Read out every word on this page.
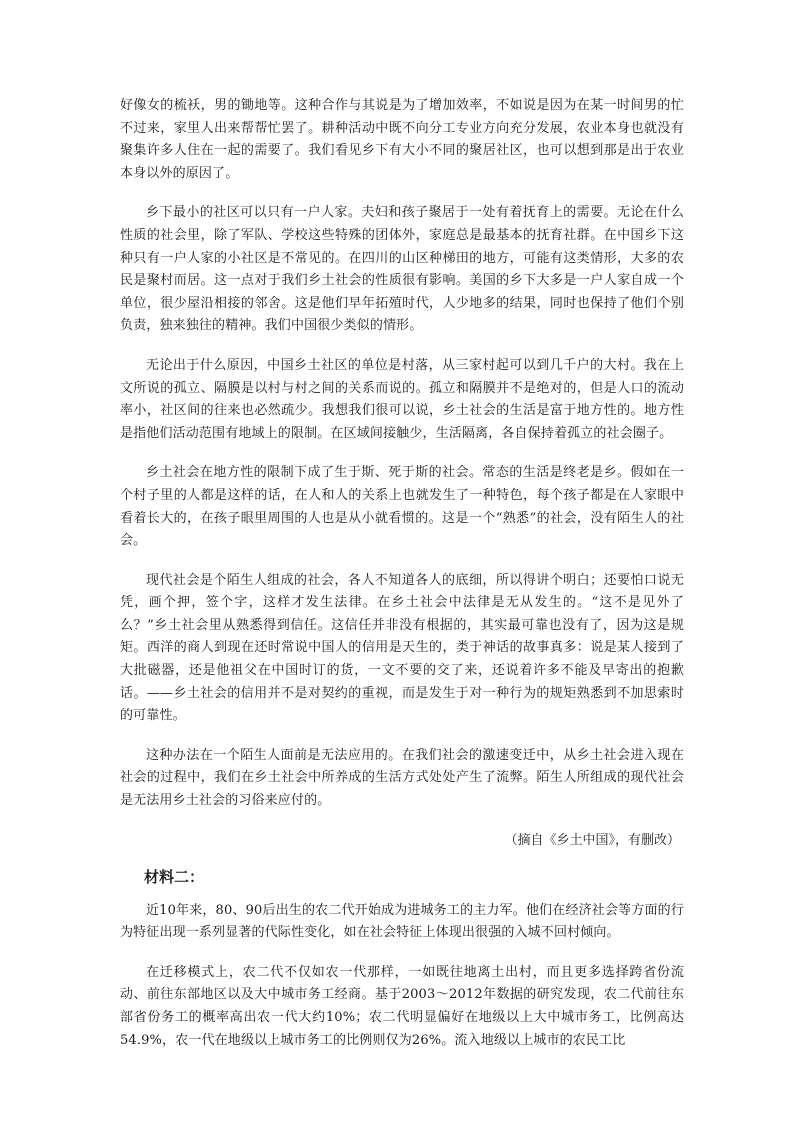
好像女的梳袄，男的锄地等。这种合作与其说是为了增加效率，不如说是因为在某一时间男的忙不过来，家里人出来帮帮忙罢了。耕种活动中既不向分工专业方向充分发展，农业本身也就没有聚集许多人住在一起的需要了。我们看见乡下有大小不同的聚居社区，也可以想到那是出于农业本身以外的原因了。

乡下最小的社区可以只有一户人家。夫妇和孩子聚居于一处有着抚育上的需要。无论在什么性质的社会里，除了军队、学校这些特殊的团体外，家庭总是最基本的抚育社群。在中国乡下这种只有一户人家的小社区是不常见的。在四川的山区种梯田的地方，可能有这类情形，大多的农民是聚村而居。这一点对于我们乡土社会的性质很有影响。美国的乡下大多是一户人家自成一个单位，很少屋沿相接的邻舍。这是他们早年拓殖时代，人少地多的结果，同时也保持了他们个别负责，独来独往的精神。我们中国很少类似的情形。

无论出于什么原因，中国乡土社区的单位是村落，从三家村起可以到几千户的大村。我在上文所说的孤立、隔膜是以村与村之间的关系而说的。孤立和隔膜并不是绝对的，但是人口的流动率小，社区间的往来也必然疏少。我想我们很可以说，乡土社会的生活是富于地方性的。地方性是指他们活动范围有地域上的限制。在区域间接触少，生活隔离，各自保持着孤立的社会圈子。

乡土社会在地方性的限制下成了生于斯、死于斯的社会。常态的生活是终老是乡。假如在一个村子里的人都是这样的话，在人和人的关系上也就发生了一种特色，每个孩子都是在人家眼中看着长大的，在孩子眼里周围的人也是从小就看惯的。这是一个“熟悉”的社会，没有陌生人的社会。

现代社会是个陌生人组成的社会，各人不知道各人的底细，所以得讲个明白；还要怕口说无凭，画个押，签个字，这样才发生法律。在乡土社会中法律是无从发生的。“这不是见外了么？”乡土社会里从熟悉得到信任。这信任并非没有根据的，其实最可靠也没有了，因为这是规矩。西洋的商人到现在还时常说中国人的信用是天生的，类于神话的故事真多：说是某人接到了大批磁器，还是他祖父在中国时订的货，一文不要的交了来，还说着许多不能及早寄出的抱歉话。——乡土社会的信用并不是对契约的重视，而是发生于对一种行为的规矩熟悉到不加思索时的可靠性。

这种办法在一个陌生人面前是无法应用的。在我们社会的激速变迁中，从乡土社会进入现在社会的过程中，我们在乡土社会中所养成的生活方式处处产生了流弊。陌生人所组成的现代社会是无法用乡土社会的习俗来应付的。

（摘自《乡土中国》，有删改）
材料二：

近10年来，80、90后出生的农二代开始成为进城务工的主力军。他们在经济社会等方面的行为特征出现一系列显著的代际性变化，如在社会特征上体现出很强的入城不回村倾向。

在迁移模式上，农二代不仅如农一代那样，一如既往地离土出村，而且更多选择跨省份流动、前往东部地区以及大中城市务工经商。基于2003～2012年数据的研究发现，农二代前往东部省份务工的概率高出农一代大约10%；农二代明显偏好在地级以上大中城市务工，比例高达54.9%，农一代在地级以上城市务工的比例则仅为26%。流入地级以上城市的农民工比
